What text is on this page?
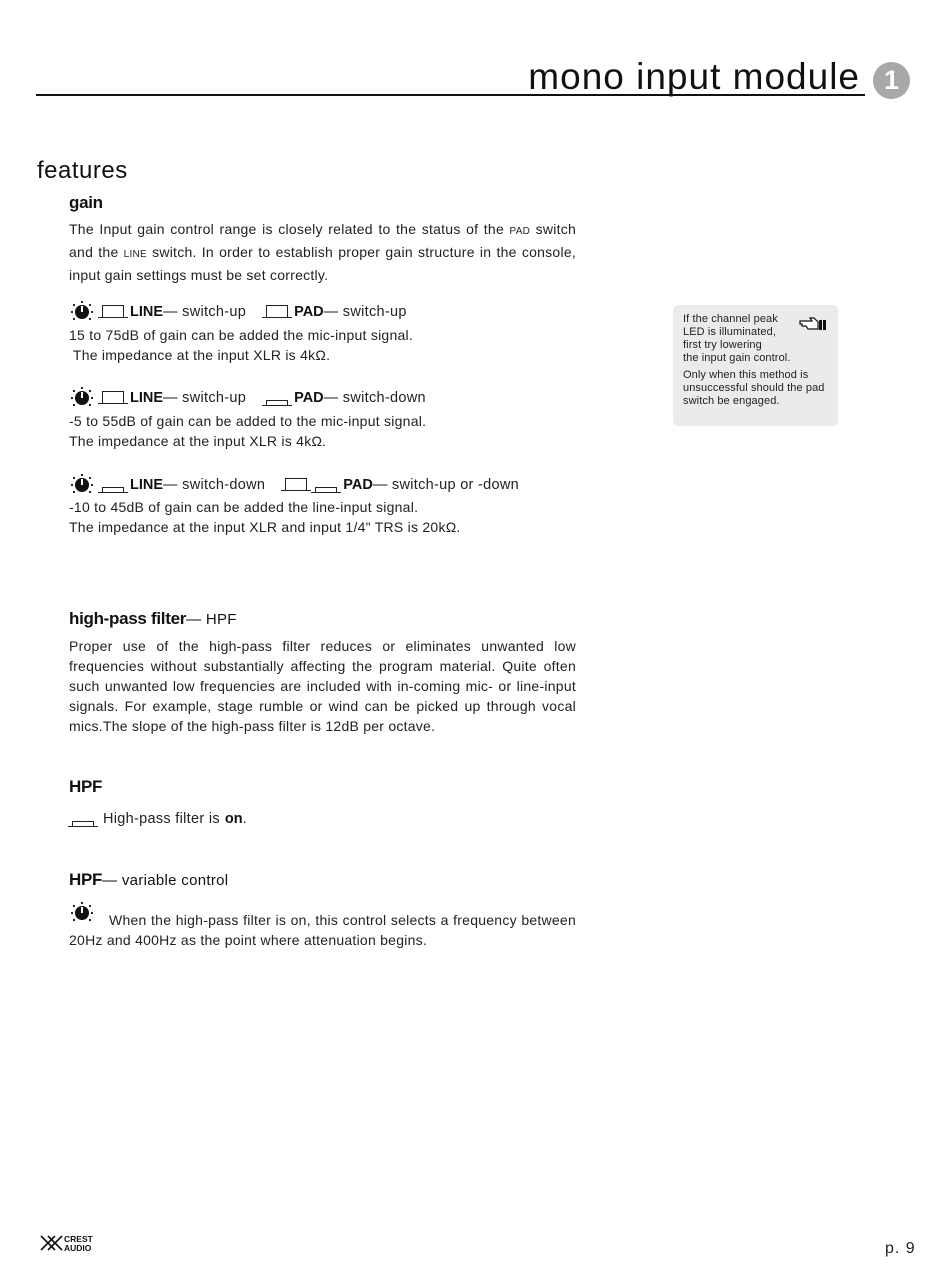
mono input module 1
features
gain
The Input gain control range is closely related to the status of the PAD switch and the LINE switch. In order to establish proper gain structure in the console, input gain settings must be set correctly.
LINE — switch-up	PAD — switch-up
15 to 75dB of gain can be added the mic-input signal.
The impedance at the input XLR is 4kΩ.
LINE — switch-up	PAD — switch-down
-5 to 55dB of gain can be added to the mic-input signal.
The impedance at the input XLR is 4kΩ.
LINE — switch-down	PAD — switch-up or -down
-10 to 45dB of gain can be added the line-input signal.
The impedance at the input XLR and input 1/4" TRS is 20kΩ.
high-pass filter— HPF
Proper use of the high-pass filter reduces or eliminates unwanted low frequencies without substantially affecting the program material. Quite often such unwanted low frequencies are included with in-coming mic- or line-input signals. For example, stage rumble or wind can be picked up through vocal mics.The slope of the high-pass filter is 12dB per octave.
HPF
High-pass filter is on .
HPF— variable control
When the high-pass filter is on, this control selects a frequency between 20Hz and 400Hz as the point where attenuation begins.
If the channel peak
LED is illuminated,
first try lowering
the input gain control.
Only when this method is
unsuccessful should the pad
switch be engaged.
CREST
AUDIO	p. 9
